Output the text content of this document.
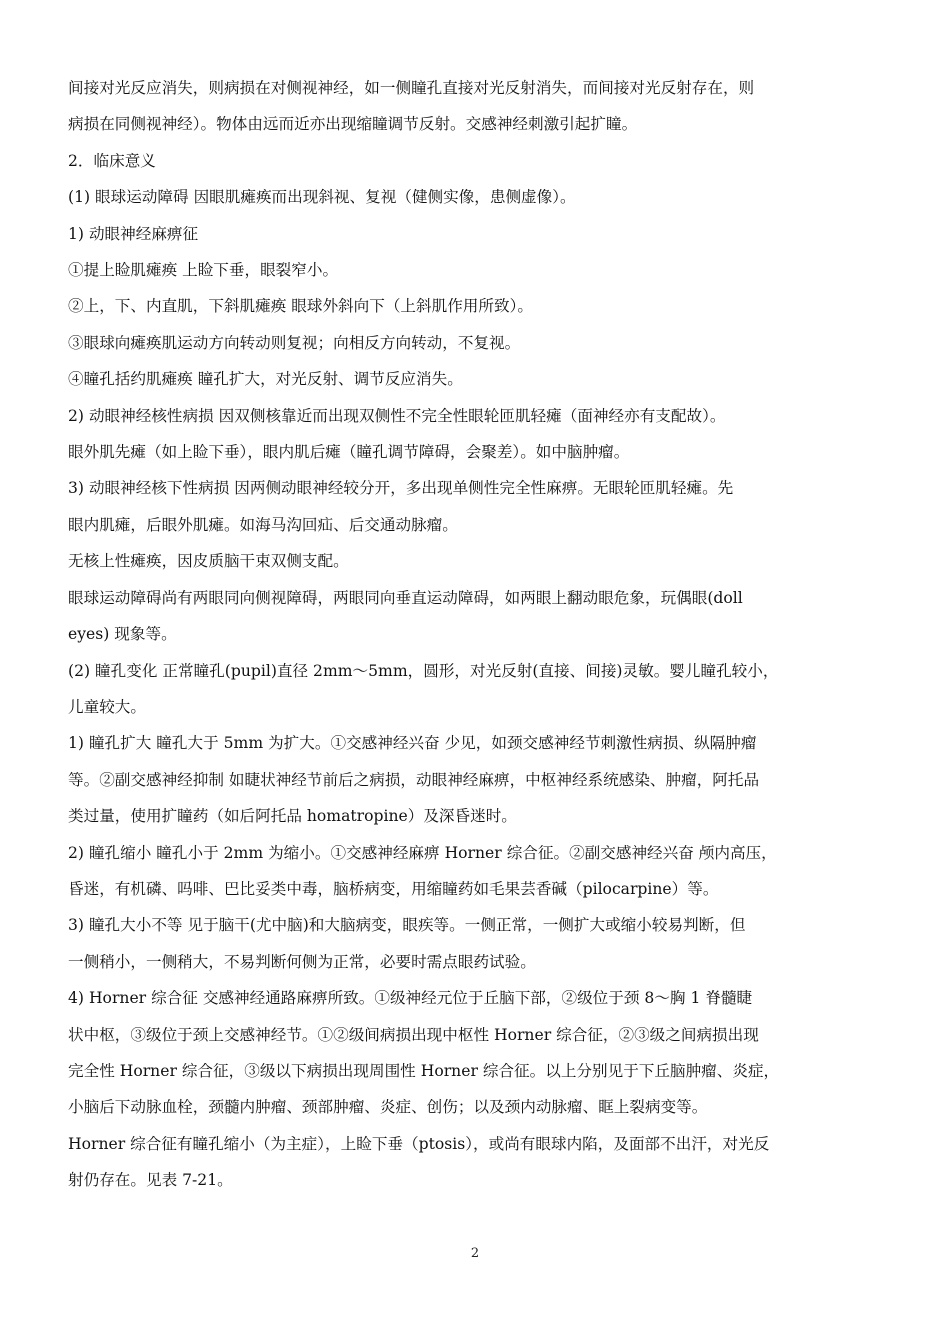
间接对光反应消失，则病损在对侧视神经，如一侧瞳孔直接对光反射消失，而间接对光反射存在，则

病损在同侧视神经）。物体由远而近亦出现缩瞳调节反射。交感神经刺激引起扩瞳。

2．临床意义

(1) 眼球运动障碍 因眼肌瘫痪而出现斜视、复视（健侧实像，患侧虚像）。

1) 动眼神经麻痹征

①提上睑肌瘫痪 上睑下垂，眼裂窄小。

②上，下、内直肌，下斜肌瘫痪 眼球外斜向下（上斜肌作用所致）。

③眼球向瘫痪肌运动方向转动则复视；向相反方向转动，不复视。

④瞳孔括约肌瘫痪 瞳孔扩大，对光反射、调节反应消失。

2) 动眼神经核性病损 因双侧核靠近而出现双侧性不完全性眼轮匝肌轻瘫（面神经亦有支配故）。

眼外肌先瘫（如上睑下垂），眼内肌后瘫（瞳孔调节障碍，会聚差）。如中脑肿瘤。

3) 动眼神经核下性病损 因两侧动眼神经较分开，多出现单侧性完全性麻痹。无眼轮匝肌轻瘫。先

眼内肌瘫，后眼外肌瘫。如海马沟回疝、后交通动脉瘤。

无核上性瘫痪，因皮质脑干束双侧支配。

眼球运动障碍尚有两眼同向侧视障碍，两眼同向垂直运动障碍，如两眼上翻动眼危象，玩偶眼(doll

eyes) 现象等。

(2) 瞳孔变化 正常瞳孔(pupil)直径 2mm～5mm，圆形，对光反射(直接、间接)灵敏。婴儿瞳孔较小，

儿童较大。

1) 瞳孔扩大 瞳孔大于 5mm 为扩大。①交感神经兴奋 少见，如颈交感神经节刺激性病损、纵隔肿瘤

等。②副交感神经抑制 如睫状神经节前后之病损，动眼神经麻痹，中枢神经系统感染、肿瘤，阿托品

类过量，使用扩瞳药（如后阿托品 homatropine）及深昏迷时。

2) 瞳孔缩小 瞳孔小于 2mm 为缩小。①交感神经麻痹 Horner 综合征。②副交感神经兴奋 颅内高压，

昏迷，有机磷、吗啡、巴比妥类中毒，脑桥病变，用缩瞳药如毛果芸香碱（pilocarpine）等。

3) 瞳孔大小不等 见于脑干(尤中脑)和大脑病变，眼疾等。一侧正常，一侧扩大或缩小较易判断，但

一侧稍小，一侧稍大，不易判断何侧为正常，必要时需点眼药试验。

4) Horner 综合征 交感神经通路麻痹所致。①级神经元位于丘脑下部，②级位于颈 8～胸 1 脊髓睫

状中枢，③级位于颈上交感神经节。①②级间病损出现中枢性 Horner 综合征，②③级之间病损出现

完全性 Horner 综合征，③级以下病损出现周围性 Horner 综合征。以上分别见于下丘脑肿瘤、炎症，

小脑后下动脉血栓，颈髓内肿瘤、颈部肿瘤、炎症、创伤；以及颈内动脉瘤、眶上裂病变等。

Horner 综合征有瞳孔缩小（为主症），上睑下垂（ptosis），或尚有眼球内陷，及面部不出汗，对光反

射仍存在。见表 7-21。

2
